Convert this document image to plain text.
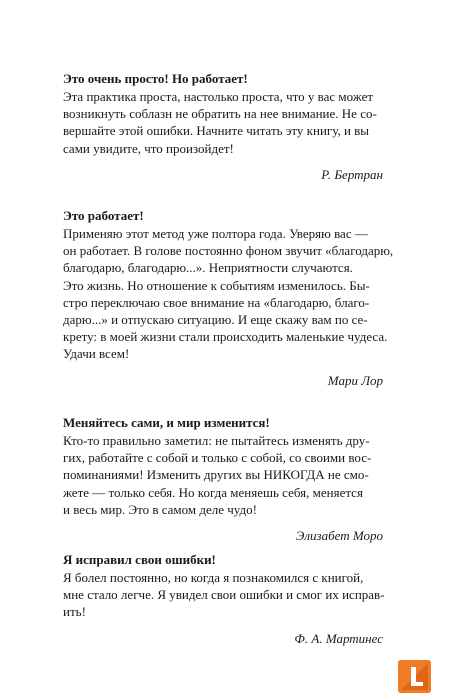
Это очень просто! Но работает!
Эта практика проста, настолько проста, что у вас может
возникнуть соблазн не обратить на нее внимание. Не со-
вершайте этой ошибки. Начните читать эту книгу, и вы
сами увидите, что произойдет!
Р. Бертран
Это работает!
Применяю этот метод уже полтора года. Уверяю вас —
он работает. В голове постоянно фоном звучит «благодарю,
благодарю, благодарю...». Неприятности случаются.
Это жизнь. Но отношение к событиям изменилось. Бы-
стро переключаю свое внимание на «благодарю, благо-
дарю...» и отпускаю ситуацию. И еще скажу вам по се-
крету: в моей жизни стали происходить маленькие чудеса.
Удачи всем!
Мари Лор
Меняйтесь сами, и мир изменится!
Кто-то правильно заметил: не пытайтесь изменять дру-
гих, работайте с собой и только с собой, со своими вос-
поминаниями! Изменить других вы НИКОГДА не смо-
жете — только себя. Но когда меняешь себя, меняется
и весь мир. Это в самом деле чудо!
Элизабет Моро
Я исправил свои ошибки!
Я болел постоянно, но когда я познакомился с книгой,
мне стало легче. Я увидел свои ошибки и смог их исправ-
ить!
Ф. А. Мартинес
